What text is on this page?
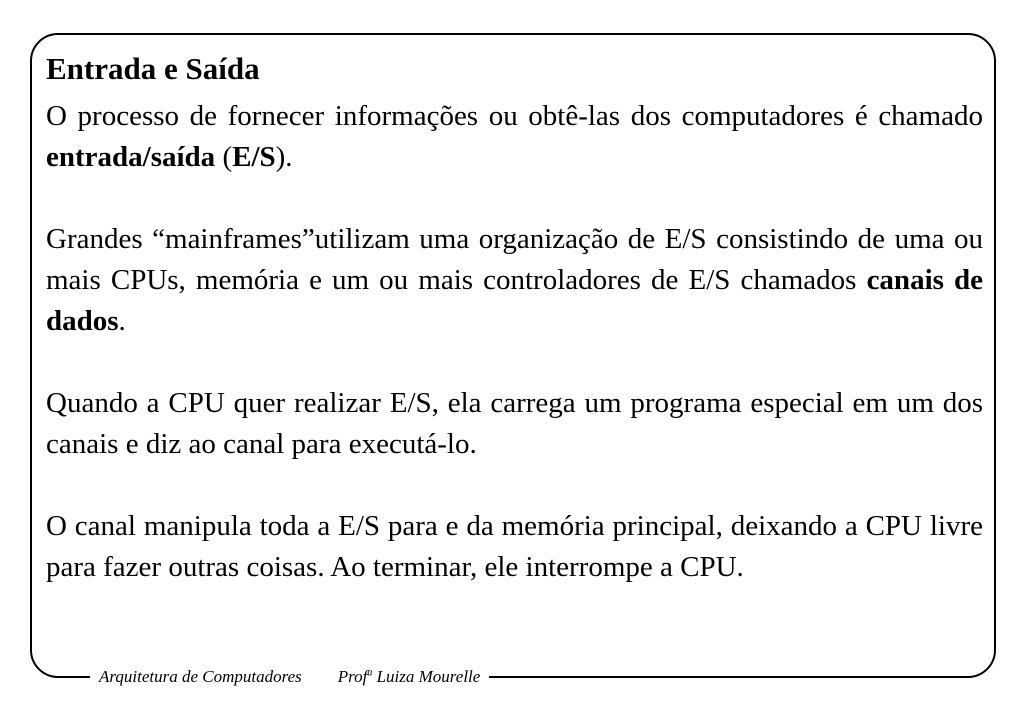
Entrada e Saída

O processo de fornecer informações ou obtê-las dos computadores é chamado entrada/saída (E/S).

Grandes “mainframes”utilizam uma organização de E/S consistindo de uma ou mais CPUs, memória e um ou mais controladores de E/S chamados canais de dados.

Quando a CPU quer realizar E/S, ela carrega um programa especial em um dos canais e diz ao canal para executá-lo.

O canal manipula toda a E/S para e da memória principal, deixando a CPU livre para fazer outras coisas. Ao terminar, ele interrompe a CPU.

Arquitetura de Computadores Prof$^a$ Luiza Mourelle
